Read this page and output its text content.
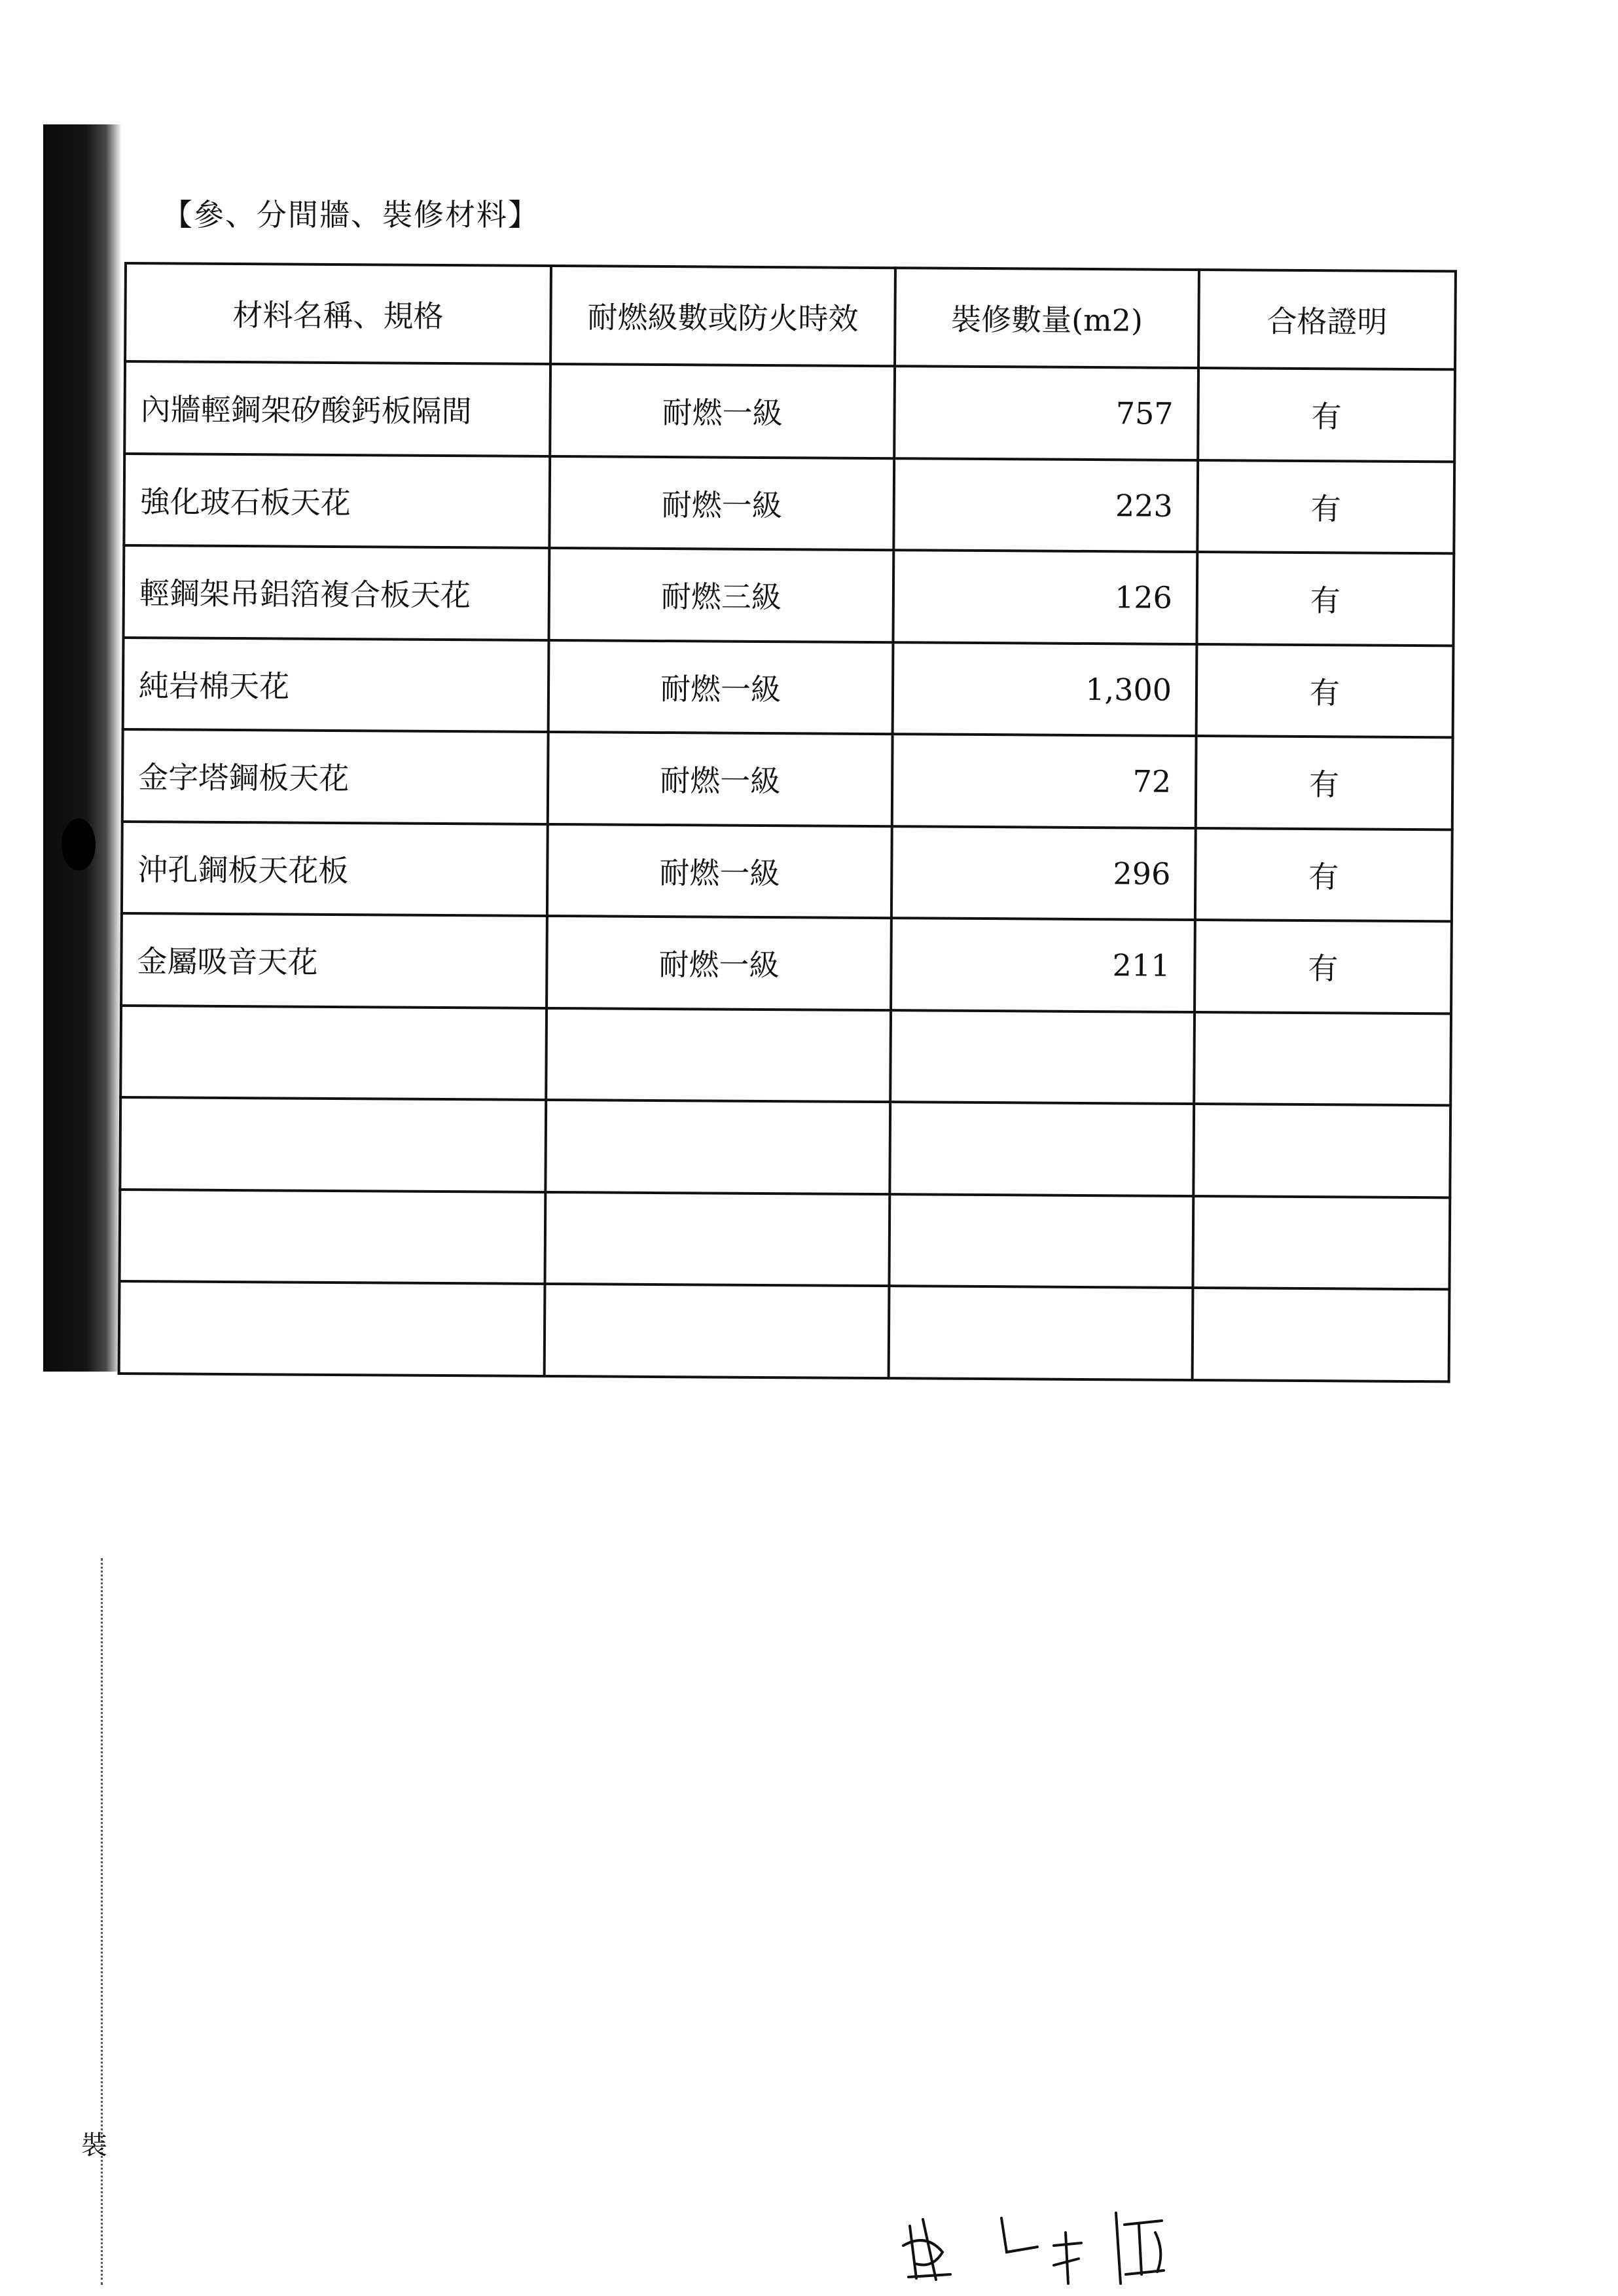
【參、分間牆、裝修材料】
材料名稱、規格	耐燃級數或防火時效	裝修數量(m2)	合格證明
內牆輕鋼架矽酸鈣板隔間	耐燃一級	757	有
強化玻石板天花	耐燃一級	223	有
輕鋼架吊鋁箔複合板天花	耐燃三級	126	有
純岩棉天花	耐燃一級	1,300	有
金字塔鋼板天花	耐燃一級	72	有
沖孔鋼板天花板	耐燃一級	296	有
金屬吸音天花	耐燃一級	211	有

裝
